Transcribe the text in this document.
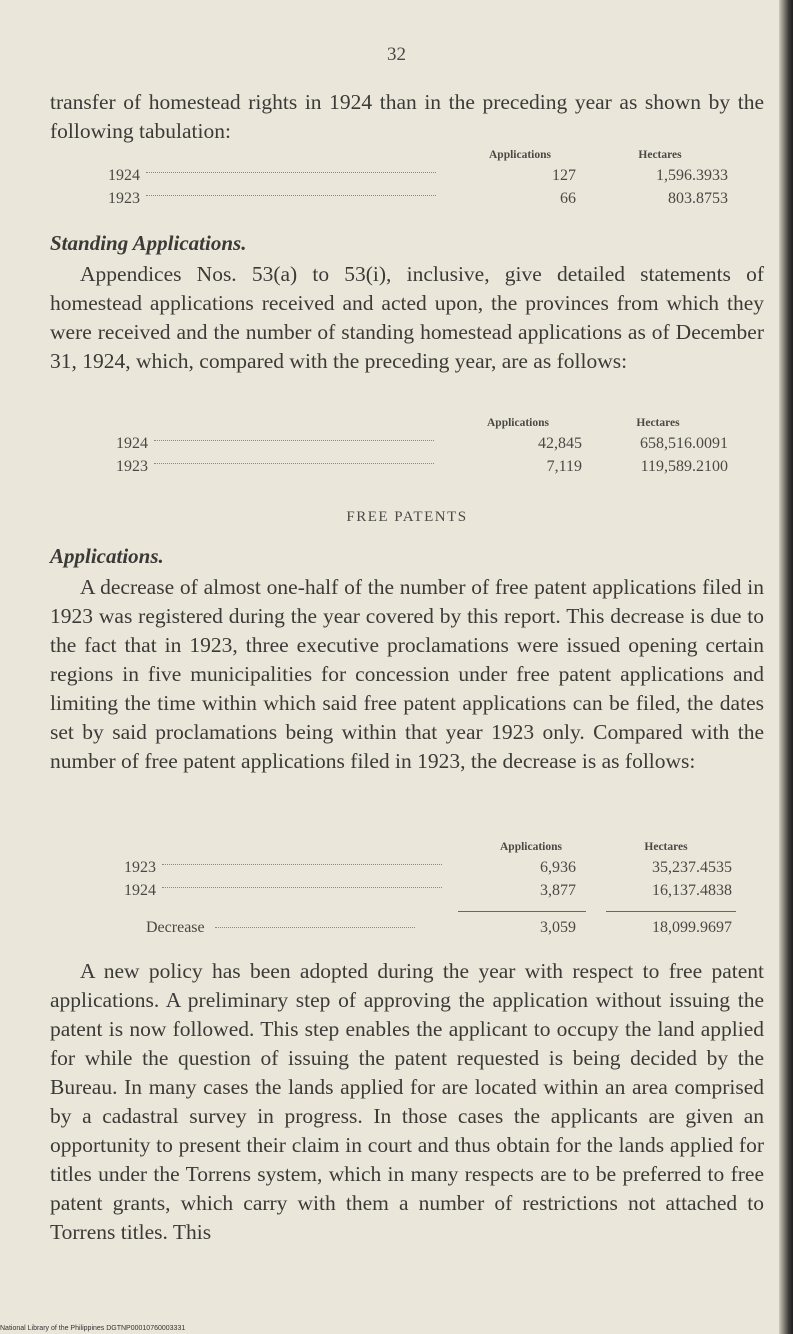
32

transfer of homestead rights in 1924 than in the preceding year as shown by the following tabulation:

		Applications	Hectares
1924		127	1,596.3933
1923		66	803.8753

Standing Applications.

Appendices Nos. 53(a) to 53(i), inclusive, give detailed statements of homestead applications received and acted upon, the provinces from which they were received and the number of standing homestead applications as of December 31, 1924, which, compared with the preceding year, are as follows:

		Applications	Hectares
1924		42,845	658,516.0091
1923		7,119	119,589.2100

FREE PATENTS

Applications.

A decrease of almost one-half of the number of free patent applications filed in 1923 was registered during the year covered by this report. This decrease is due to the fact that in 1923, three executive proclamations were issued opening certain regions in five municipalities for concession under free patent applications and limiting the time within which said free patent applications can be filed, the dates set by said proclamations being within that year 1923 only. Compared with the number of free patent applications filed in 1923, the decrease is as follows:

		Applications	Hectares
1923		6,936	35,237.4535
1924		3,877	16,137.4838

Decrease		3,059	18,099.9697

A new policy has been adopted during the year with respect to free patent applications. A preliminary step of approving the application without issuing the patent is now followed. This step enables the applicant to occupy the land applied for while the question of issuing the patent requested is being decided by the Bureau. In many cases the lands applied for are located within an area comprised by a cadastral survey in progress. In those cases the applicants are given an opportunity to present their claim in court and thus obtain for the lands applied for titles under the Torrens system, which in many respects are to be preferred to free patent grants, which carry with them a number of restrictions not attached to Torrens titles. This

National Library of the Philippines DGTNP00010760003331
